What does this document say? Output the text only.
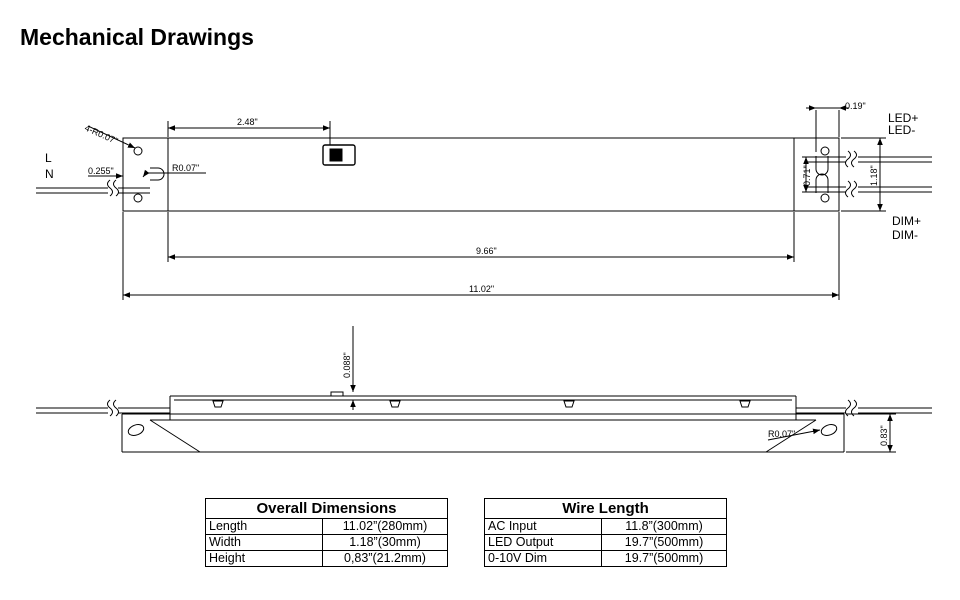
Mechanical Drawings
4-R0.07"
2.48"
L
N	0.255"	R0.07"
0.19"
LED+
LED-
0.71"	1.18"
DIM+
DIM-
9.66"
11.02"
0.088"
R0.07"	0.83"
Overall Dimensions	
Length	11.02”(280mm)
Width	1.18”(30mm)
Height	0,83”(21.2mm)
Wire Length	
AC Input	11.8”(300mm)
LED Output	19.7”(500mm)
0-10V Dim	19.7”(500mm)
